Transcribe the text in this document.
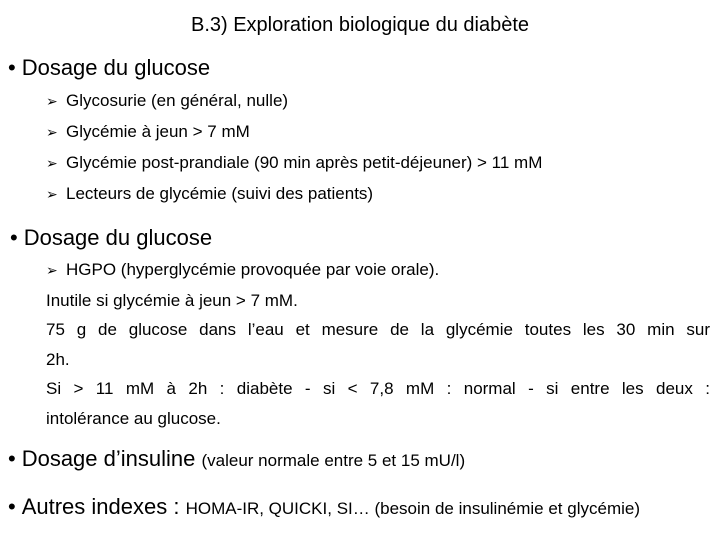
B.3) Exploration biologique du diabète
• Dosage du glucose
➢ Glycosurie (en général, nulle)
➢ Glycémie à jeun > 7 mM
➢ Glycémie post-prandiale (90 min après petit-déjeuner) > 11 mM
➢ Lecteurs de glycémie (suivi des patients)
• Dosage du glucose
➢ HGPO (hyperglycémie provoquée par voie orale).
Inutile si glycémie à jeun > 7 mM.
75 g de glucose dans l’eau et mesure de la glycémie toutes les 30 min sur
2h.
Si > 11 mM à 2h : diabète - si < 7,8 mM : normal - si entre les deux :
intolérance au glucose.
• Dosage d’insuline (valeur normale entre 5 et 15 mU/l)
• Autres indexes : HOMA-IR, QUICKI, SI… (besoin de insulinémie et glycémie)
